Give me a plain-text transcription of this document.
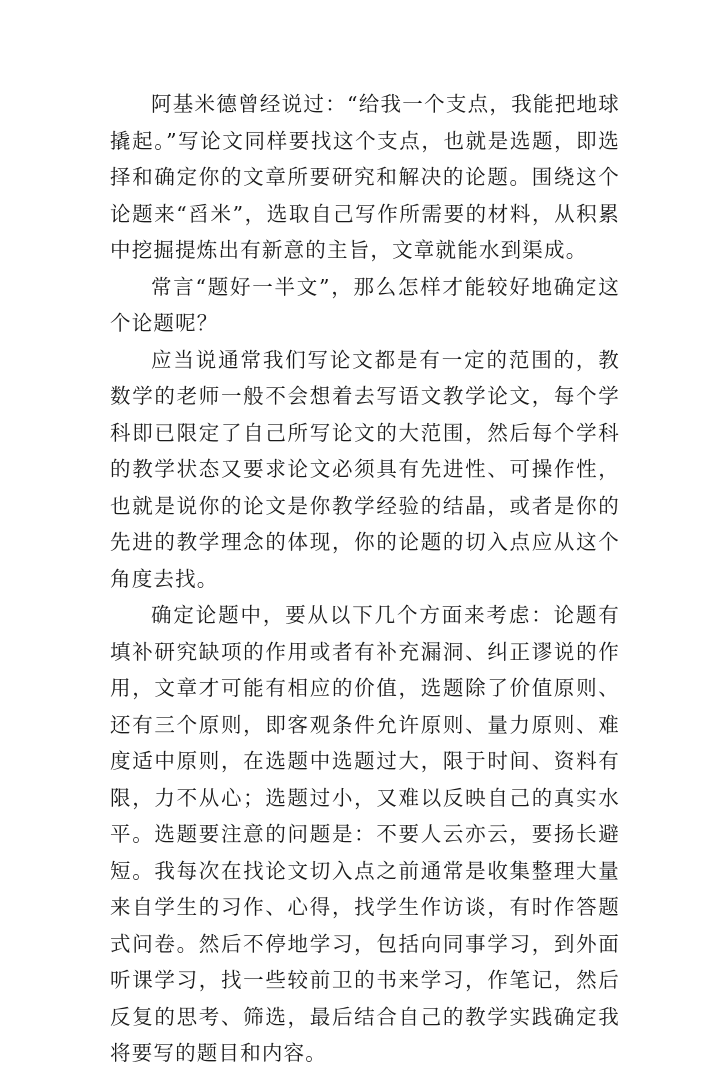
阿基米德曾经说过：“给我一个支点，我能把地球撬起。”写论文同样要找这个支点，也就是选题，即选择和确定你的文章所要研究和解决的论题。围绕这个论题来“舀米”，选取自己写作所需要的材料，从积累中挖掘提炼出有新意的主旨，文章就能水到渠成。

常言“题好一半文”，那么怎样才能较好地确定这个论题呢？

应当说通常我们写论文都是有一定的范围的，教数学的老师一般不会想着去写语文教学论文，每个学科即已限定了自己所写论文的大范围，然后每个学科的教学状态又要求论文必须具有先进性、可操作性，也就是说你的论文是你教学经验的结晶，或者是你的先进的教学理念的体现，你的论题的切入点应从这个角度去找。

确定论题中，要从以下几个方面来考虑：论题有填补研究缺项的作用或者有补充漏洞、纠正谬说的作用，文章才可能有相应的价值，选题除了价值原则、还有三个原则，即客观条件允许原则、量力原则、难度适中原则，在选题中选题过大，限于时间、资料有限，力不从心；选题过小，又难以反映自己的真实水平。选题要注意的问题是：不要人云亦云，要扬长避短。我每次在找论文切入点之前通常是收集整理大量来自学生的习作、心得，找学生作访谈，有时作答题式问卷。然后不停地学习，包括向同事学习，到外面听课学习，找一些较前卫的书来学习，作笔记，然后反复的思考、筛选，最后结合自己的教学实践确定我将要写的题目和内容。
